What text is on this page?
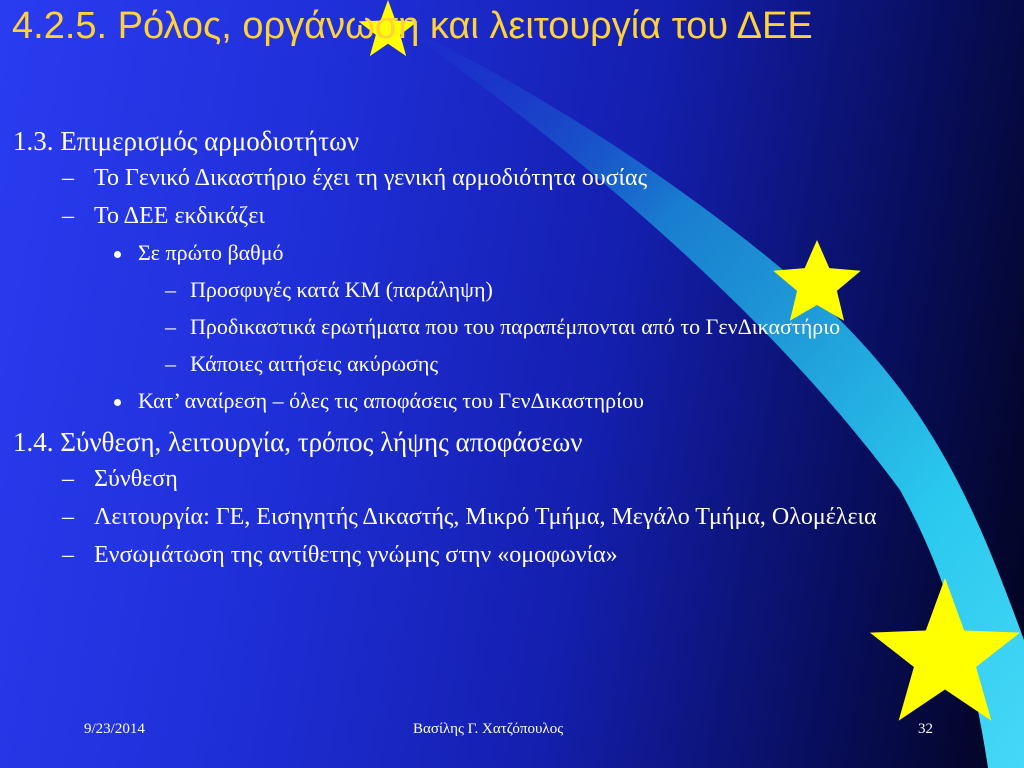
4.2.5. Ρόλος, οργάνωση και λειτουργία του ΔΕΕ
1.3. Επιμερισμός αρμοδιοτήτων
– Το Γενικό Δικαστήριο έχει τη γενική αρμοδιότητα ουσίας
– Το ΔΕΕ εκδικάζει
Σε πρώτο βαθμό
– Προσφυγές κατά ΚΜ (παράληψη)
– Προδικαστικά ερωτήματα που του παραπέμπονται από το ΓενΔικαστήριο
– Κάποιες αιτήσεις ακύρωσης
Κατ’ αναίρεση – όλες τις αποφάσεις του ΓενΔικαστηρίου
1.4. Σύνθεση, λειτουργία, τρόπος λήψης αποφάσεων
– Σύνθεση
– Λειτουργία: ΓΕ, Εισηγητής Δικαστής, Μικρό Τμήμα, Μεγάλο Τμήμα, Ολομέλεια
– Ενσωμάτωση της αντίθετης γνώμης στην «ομοφωνία»
9/23/2014	Βασίλης Γ. Χατζόπουλος	32
